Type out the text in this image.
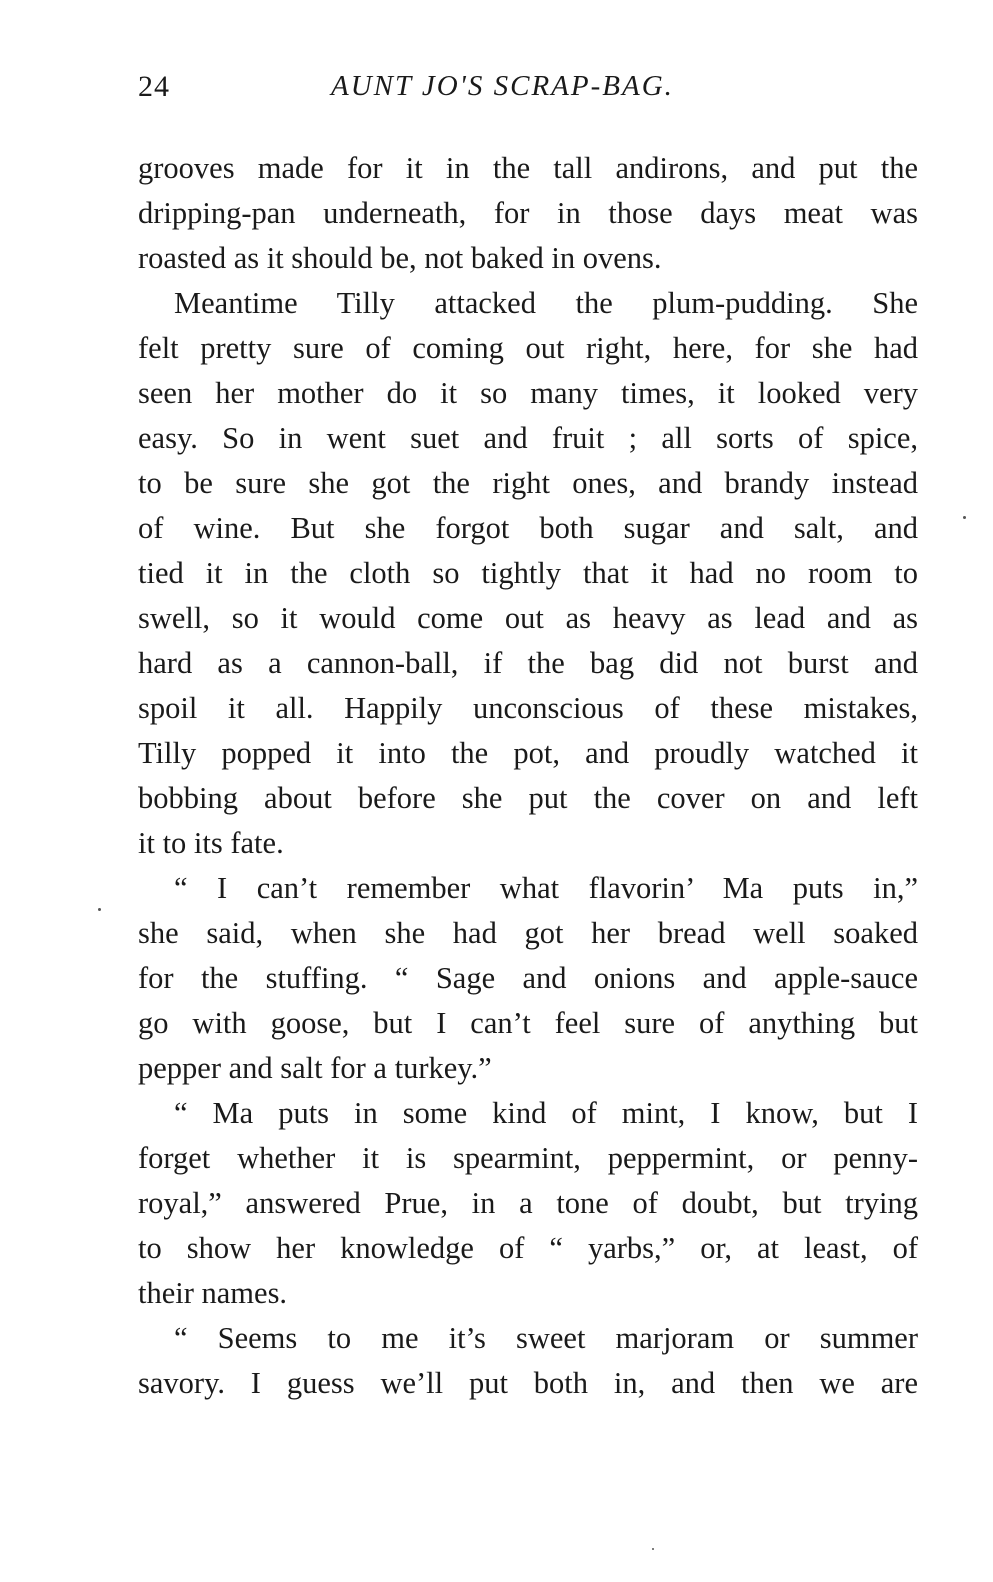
24	AUNT JO'S SCRAP-BAG.
grooves made for it in the tall andirons, and put the
dripping-pan underneath, for in those days meat was
roasted as it should be, not baked in ovens.
Meantime Tilly attacked the plum-pudding. She
felt pretty sure of coming out right, here, for she had
seen her mother do it so many times, it looked very
easy. So in went suet and fruit ; all sorts of spice,
to be sure she got the right ones, and brandy instead
of wine. But she forgot both sugar and salt, and
tied it in the cloth so tightly that it had no room to
swell, so it would come out as heavy as lead and as
hard as a cannon-ball, if the bag did not burst and
spoil it all. Happily unconscious of these mistakes,
Tilly popped it into the pot, and proudly watched it
bobbing about before she put the cover on and left
it to its fate.
“ I can’t remember what flavorin’ Ma puts in,”
she said, when she had got her bread well soaked
for the stuffing. “ Sage and onions and apple-sauce
go with goose, but I can’t feel sure of anything but
pepper and salt for a turkey.”
“ Ma puts in some kind of mint, I know, but I
forget whether it is spearmint, peppermint, or penny-
royal,” answered Prue, in a tone of doubt, but trying
to show her knowledge of “ yarbs,” or, at least, of
their names.
“ Seems to me it’s sweet marjoram or summer
savory. I guess we’ll put both in, and then we are
